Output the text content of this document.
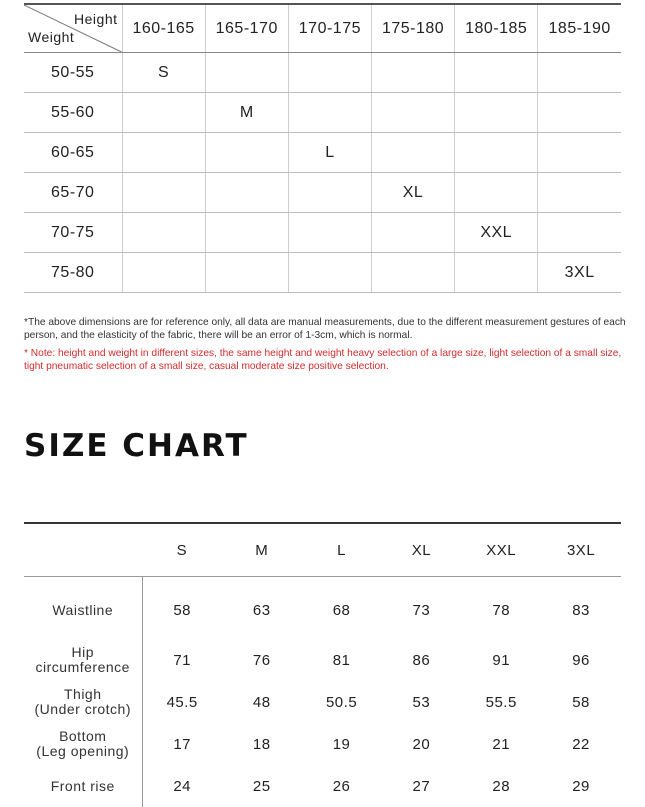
Height
Weight	160-165	165-170	170-175	175-180	180-185	185-190
50-55	S					
55-60		M				
60-65			L			
65-70				XL		
70-75					XXL	
75-80						3XL

*The above dimensions are for reference only, all data are manual measurements, due to the different measurement gestures of each person, and the elasticity of the fabric, there will be an error of 1-3cm, which is normal.

* Note: height and weight in different sizes, the same height and weight heavy selection of a large size, light selection of a small size, tight pneumatic selection of a small size, casual moderate size positive selection.

SIZE CHART
	S	M	L	XL	XXL	3XL
Waistline	58	63	68	73	78	83
Hip
circumference	71	76	81	86	91	96
Thigh
(Under crotch)	45.5	48	50.5	53	55.5	58
Bottom
(Leg opening)	17	18	19	20	21	22
Front rise	24	25	26	27	28	29
